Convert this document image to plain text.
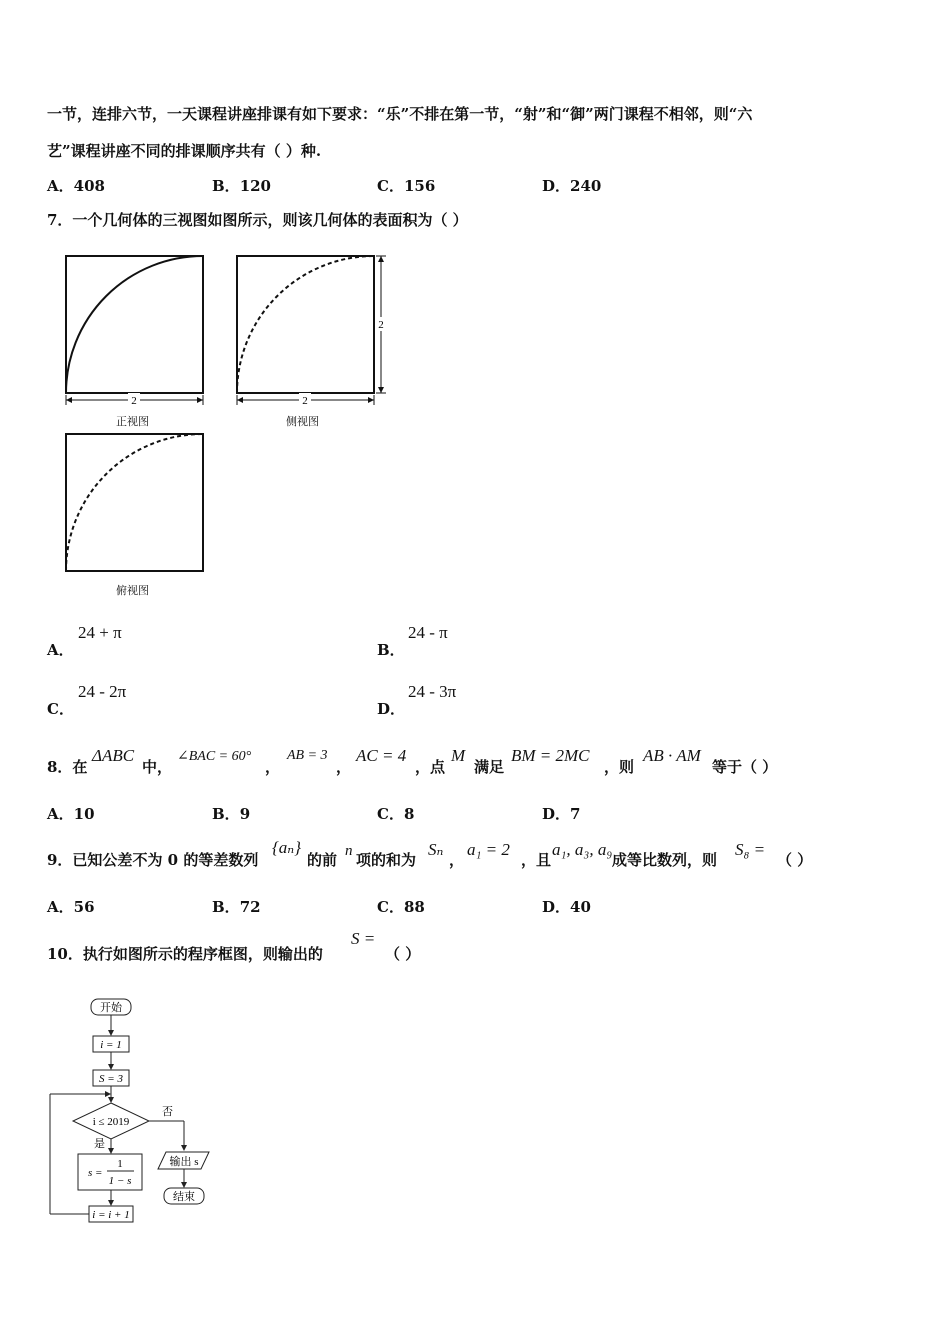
一节，连排六节，一天课程讲座排课有如下要求：“乐”不排在第一节，“射”和“御”两门课程不相邻，则“六
艺”课程讲座不同的排课顺序共有（ ）种.
A．408	B．120	C．156	D．240
7．一个几何体的三视图如图所示，则该几何体的表面积为（ ）
2
正视图
2
2
侧视图
俯视图
A．
24 + π
B．
24 - π
C．
24 - 2π
D．
24 - 3π
8．在
ΔABC
中，
∠BAC = 60°
，
AB = 3
，
AC = 4
，点
M
满足
BM = 2MC
，则
AB · AM
等于（ ）
A．10	B．9	C．8	D．7
9．已知公差不为 0 的等差数列
{aₙ}
的前 n 项的和为
Sₙ
，
a₁ = 2
，且
a₁, a₃, a₉
成等比数列，则
S₈ =
（ ）
A．56	B．72	C．88	D．40
10．执行如图所示的程序框图，则输出的
S =
（ ）
开始
i = 1
S = 3
i ≤ 2019
否
输出 s
结束
是
s =
1
1 − s
i = i + 1
